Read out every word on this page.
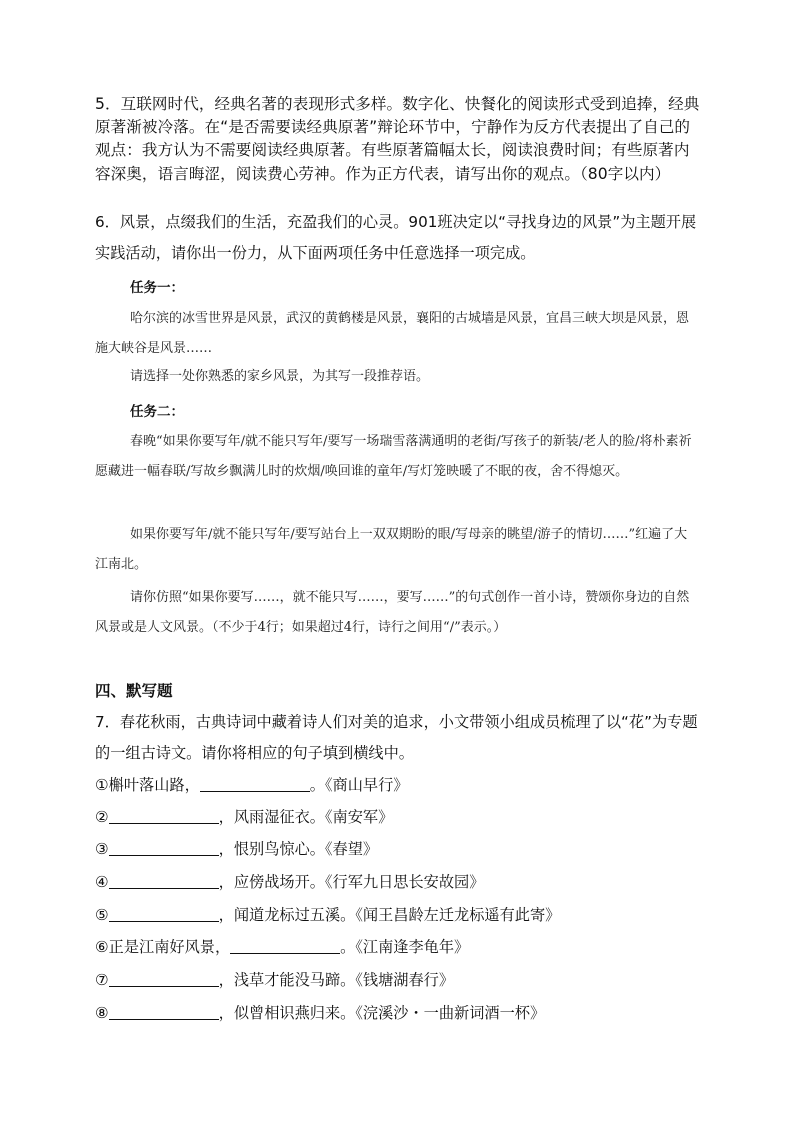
5．互联网时代，经典名著的表现形式多样。数字化、快餐化的阅读形式受到追捧，经典原著渐被冷落。在“是否需要读经典原著”辩论环节中，宁静作为反方代表提出了自己的观点：我方认为不需要阅读经典原著。有些原著篇幅太长，阅读浪费时间；有些原著内容深奥，语言晦涩，阅读费心劳神。作为正方代表，请写出你的观点。（80字以内）
6．风景，点缀我们的生活，充盈我们的心灵。901班决定以“寻找身边的风景”为主题开展实践活动，请你出一份力，从下面两项任务中任意选择一项完成。
任务一：
哈尔滨的冰雪世界是风景，武汉的黄鹤楼是风景，襄阳的古城墙是风景，宜昌三峡大坝是风景，恩施大峡谷是风景……
请选择一处你熟悉的家乡风景，为其写一段推荐语。
任务二：
春晚“如果你要写年/就不能只写年/要写一场瑞雪落满通明的老街/写孩子的新装/老人的脸/将朴素祈愿藏进一幅春联/写故乡飘满儿时的炊烟/唤回谁的童年/写灯笼映暖了不眠的夜，舍不得熄灭。
如果你要写年/就不能只写年/要写站台上一双双期盼的眼/写母亲的眺望/游子的情切……”红遍了大江南北。
请你仿照“如果你要写……，就不能只写……，要写……”的句式创作一首小诗，赞颂你身边的自然风景或是人文风景。（不少于4行；如果超过4行，诗行之间用“/”表示。）
四、默写题
7．春花秋雨，古典诗词中藏着诗人们对美的追求，小文带领小组成员梳理了以“花”为专题的一组古诗文。请你将相应的句子填到横线中。
①槲叶落山路，	。《商山早行》
②	，风雨湿征衣。《南安军》
③	，恨别鸟惊心。《春望》
④	，应傍战场开。《行军九日思长安故园》
⑤	，闻道龙标过五溪。《闻王昌龄左迁龙标遥有此寄》
⑥正是江南好风景，	。《江南逢李龟年》
⑦	，浅草才能没马蹄。《钱塘湖春行》
⑧	，似曾相识燕归来。《浣溪沙・一曲新词酒一杯》
